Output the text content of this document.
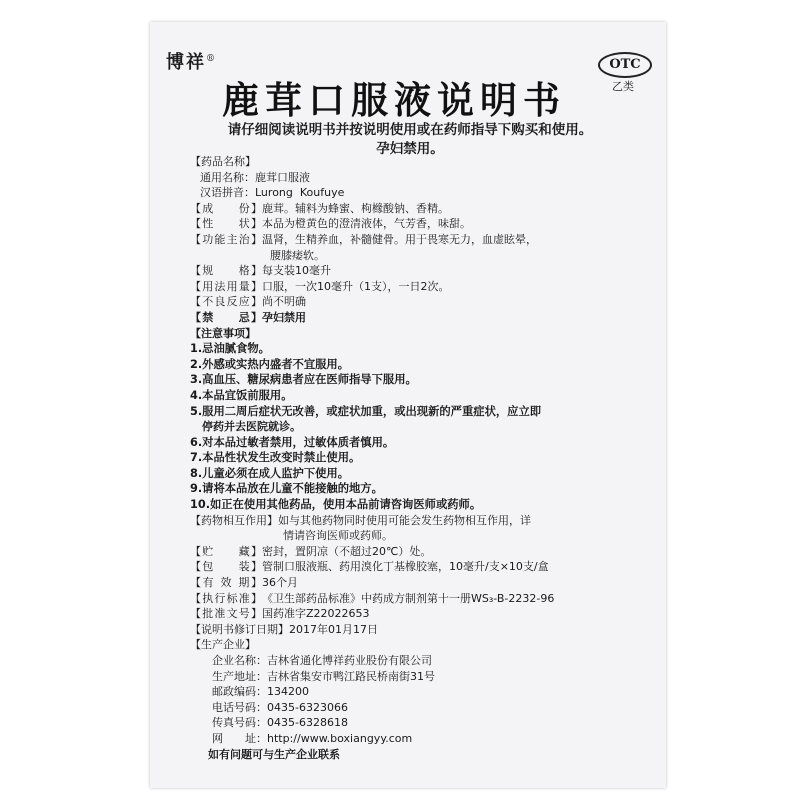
博祥®
鹿茸口服液说明书
OTC
乙类
请仔细阅读说明书并按说明使用或在药师指导下购买和使用。
孕妇禁用。
【药品名称】
通用名称： 鹿茸口服液
汉语拼音： Lurong  Koufuye
【成　　份】 鹿茸。辅料为蜂蜜、枸橼酸钠、香精。
【性　　状】 本品为橙黄色的澄清液体，气芳香，味甜。
【功能主治】 温肾，生精养血，补髓健骨。用于畏寒无力，血虚眩晕，
腰膝痿软。
【规　　格】 每支装10毫升
【用法用量】 口服，一次10毫升（1支），一日2次。
【不良反应】 尚不明确
【禁　　忌】 孕妇禁用
【注意事项】
1.忌油腻食物。
2.外感或实热内盛者不宜服用。
3.高血压、糖尿病患者应在医师指导下服用。
4.本品宜饭前服用。
5.服用二周后症状无改善，或症状加重，或出现新的严重症状，应立即
停药并去医院就诊。
6.对本品过敏者禁用，过敏体质者慎用。
7.本品性状发生改变时禁止使用。
8.儿童必须在成人监护下使用。
9.请将本品放在儿童不能接触的地方。
10.如正在使用其他药品，使用本品前请咨询医师或药师。
【药物相互作用】 如与其他药物同时使用可能会发生药物相互作用，详
情请咨询医师或药师。
【贮　　藏】 密封，置阴凉（不超过20℃）处。
【包　　装】 管制口服液瓶、药用溴化丁基橡胶塞，10毫升/支×10支/盒
【有 效 期】 36个月
【执行标准】 《卫生部药品标准》中药成方制剂第十一册WS₃-B-2232-96
【批准文号】 国药准字Z22022653
【说明书修订日期】 2017年01月17日
【生产企业】
企业名称： 吉林省通化博祥药业股份有限公司
生产地址： 吉林省集安市鸭江路民桥南街31号
邮政编码： 134200
电话号码： 0435-6323066
传真号码： 0435-6328618
网　　址： http://www.boxiangyy.com
如有问题可与生产企业联系
